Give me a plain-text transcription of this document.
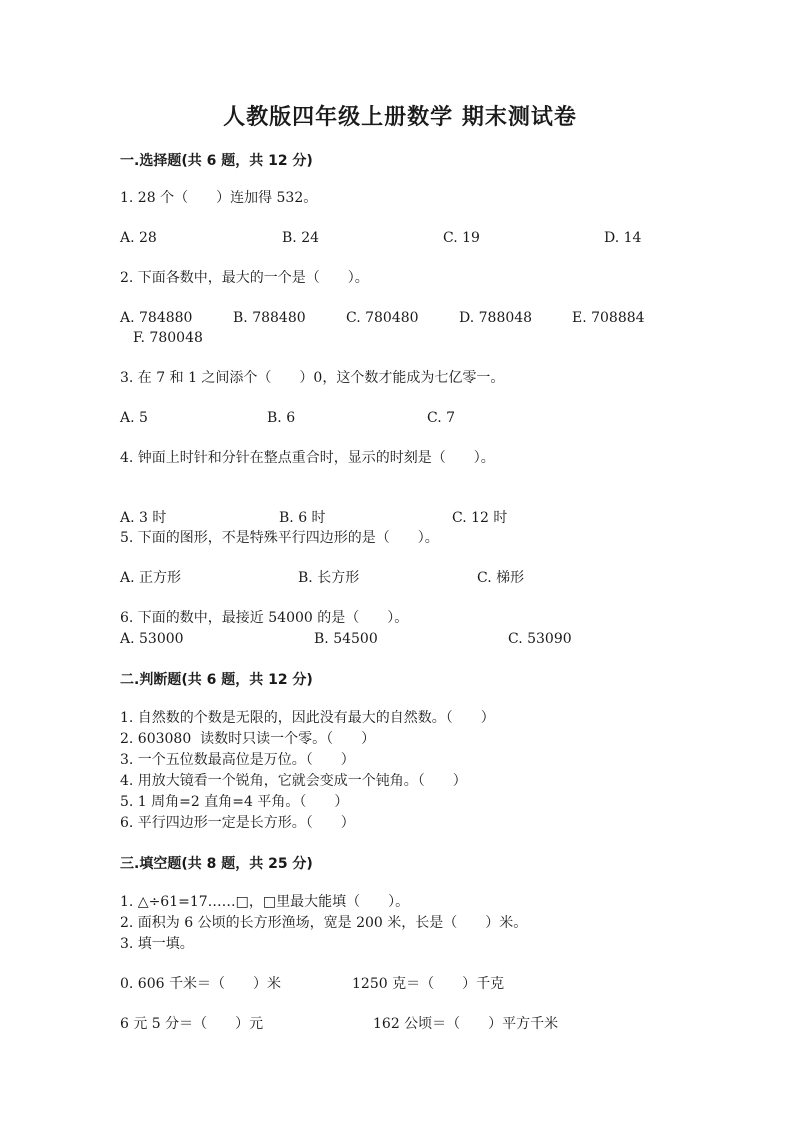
人教版四年级上册数学 期末测试卷
一.选择题(共 6 题，共 12 分)
1. 28 个（　　）连加得 532。
A. 28	B. 24	C. 19	D. 14
2. 下面各数中，最大的一个是（　　）。
A. 784880	B. 788480	C. 780480	D. 788048	E. 708884
F. 780048
3. 在 7 和 1 之间添个（　　）0，这个数才能成为七亿零一。
A. 5	B. 6	C. 7
4. 钟面上时针和分针在整点重合时，显示的时刻是（　　）。
A. 3 时	B. 6 时	C. 12 时
5. 下面的图形，不是特殊平行四边形的是（　　）。
A. 正方形	B. 长方形	C. 梯形
6. 下面的数中，最接近 54000 的是（　　）。
A. 53000	B. 54500	C. 53090
二.判断题(共 6 题，共 12 分)
1. 自然数的个数是无限的，因此没有最大的自然数。（　　）
2. 603080  读数时只读一个零。（　　）
3. 一个五位数最高位是万位。（　　）
4. 用放大镜看一个锐角，它就会变成一个钝角。（　　）
5. 1 周角=2 直角=4 平角。（　　）
6. 平行四边形一定是长方形。（　　）
三.填空题(共 8 题，共 25 分)
1. △÷61=17……□，□里最大能填（　　）。
2. 面积为 6 公顷的长方形渔场，宽是 200 米，长是（　　）米。
3. 填一填。
0. 606 千米＝（　　）米	1250 克＝（　　）千克
6 元 5 分＝（　　）元	162 公顷＝（　　）平方千米
